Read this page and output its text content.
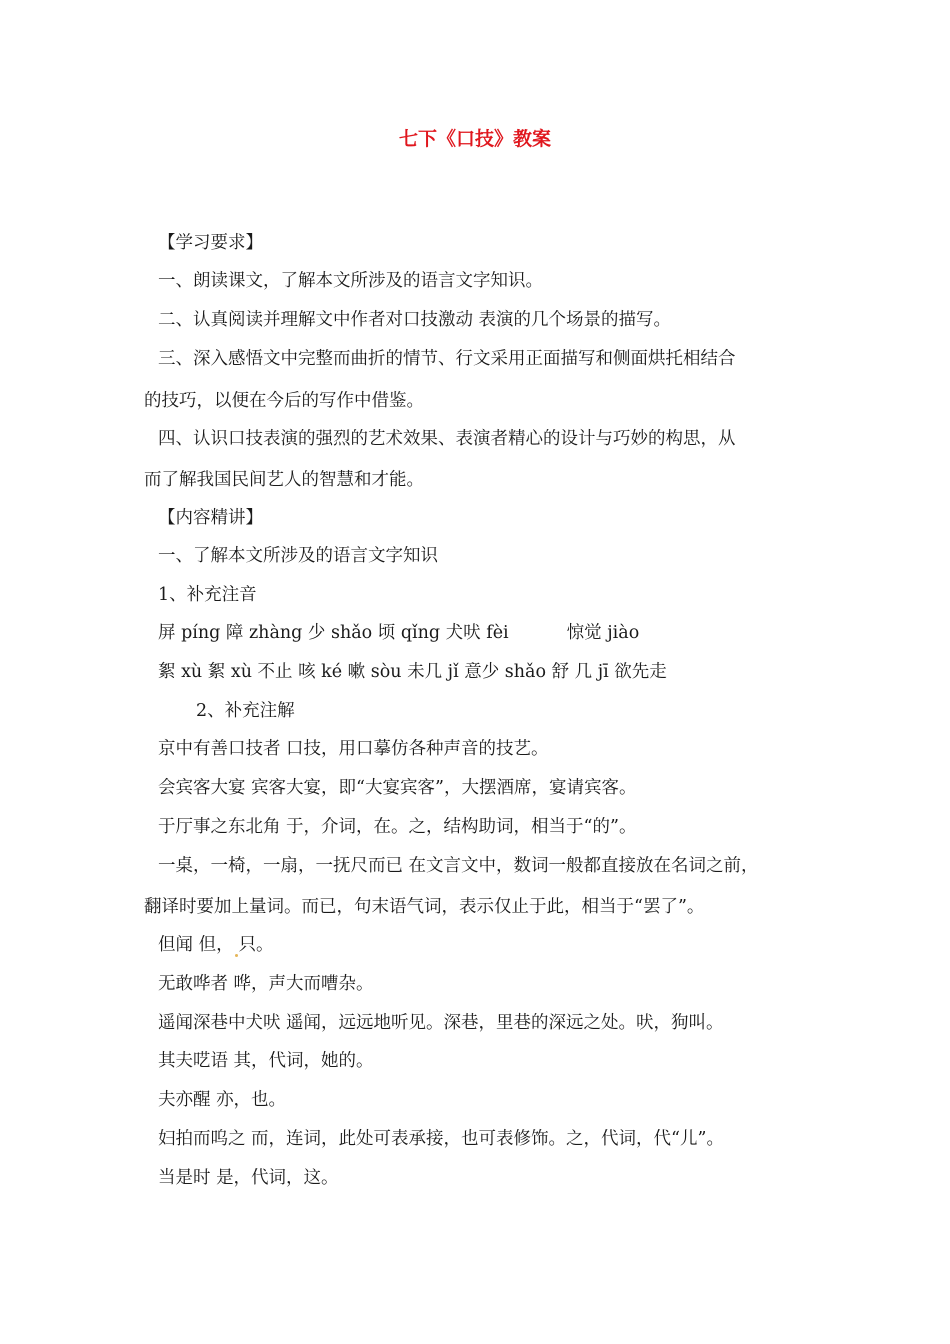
七下《口技》教案
【学习要求】
一、朗读课文，了解本文所涉及的语言文字知识。
二、认真阅读并理解文中作者对口技激动 表演的几个场景的描写。
三、深入感悟文中完整而曲折的情节、行文采用正面描写和侧面烘托相结合
的技巧，以便在今后的写作中借鉴。
四、认识口技表演的强烈的艺术效果、表演者精心的设计与巧妙的构思，从
而了解我国民间艺人的智慧和才能。
【内容精讲】
一、了解本文所涉及的语言文字知识
1、补充注音
屏 píng 障 zhàng 少 shǎo 顷 qǐng 犬吠 fèi	惊觉 jiào
絮 xù 絮 xù 不止 咳 ké 嗽 sòu 未几 jǐ 意少 shǎo 舒 几 jī 欲先走
2、补充注解
京中有善口技者 口技，用口摹仿各种声音的技艺。
会宾客大宴 宾客大宴，即“大宴宾客”，大摆酒席，宴请宾客。
于厅事之东北角 于，介词，在。之，结构助词，相当于“的”。
一桌，一椅，一扇，一抚尺而已 在文言文中，数词一般都直接放在名词之前，
翻译时要加上量词。而已，句末语气词，表示仅止于此，相当于“罢了”。
但闻 但， 只。
无敢哗者 哗，声大而嘈杂。
遥闻深巷中犬吠 遥闻，远远地听见。深巷，里巷的深远之处。吠，狗叫。
其夫呓语 其，代词，她的。
夫亦醒 亦，也。
妇拍而呜之 而，连词，此处可表承接，也可表修饰。之，代词，代“儿”。
当是时 是，代词，这。
